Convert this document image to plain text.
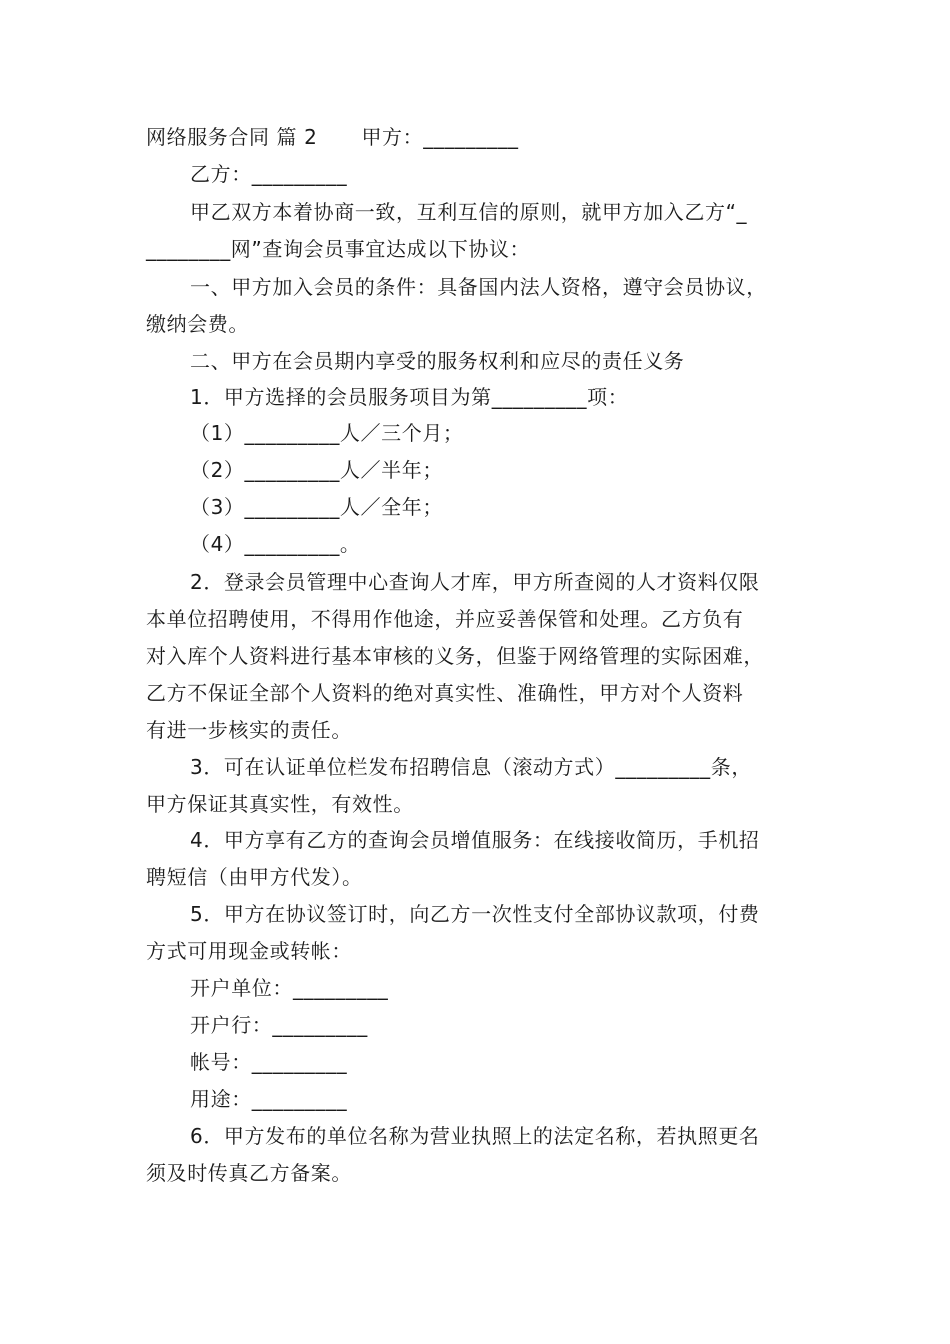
网络服务合同 篇 2 甲方：_________
乙方：_________
甲乙双方本着协商一致，互利互信的原则，就甲方加入乙方“_
________网”查询会员事宜达成以下协议：
一、甲方加入会员的条件：具备国内法人资格，遵守会员协议，
缴纳会费。
二、甲方在会员期内享受的服务权利和应尽的责任义务
1．甲方选择的会员服务项目为第_________项：
（1）_________人／三个月；
（2）_________人／半年；
（3）_________人／全年；
（4）_________。
2．登录会员管理中心查询人才库，甲方所查阅的人才资料仅限
本单位招聘使用，不得用作他途，并应妥善保管和处理。乙方负有
对入库个人资料进行基本审核的义务，但鉴于网络管理的实际困难，
乙方不保证全部个人资料的绝对真实性、准确性，甲方对个人资料
有进一步核实的责任。
3．可在认证单位栏发布招聘信息（滚动方式）_________条，
甲方保证其真实性，有效性。
4．甲方享有乙方的查询会员增值服务：在线接收简历，手机招
聘短信（由甲方代发）。
5．甲方在协议签订时，向乙方一次性支付全部协议款项，付费
方式可用现金或转帐：
开户单位：_________
开户行：_________
帐号：_________
用途：_________
6．甲方发布的单位名称为营业执照上的法定名称，若执照更名
须及时传真乙方备案。
